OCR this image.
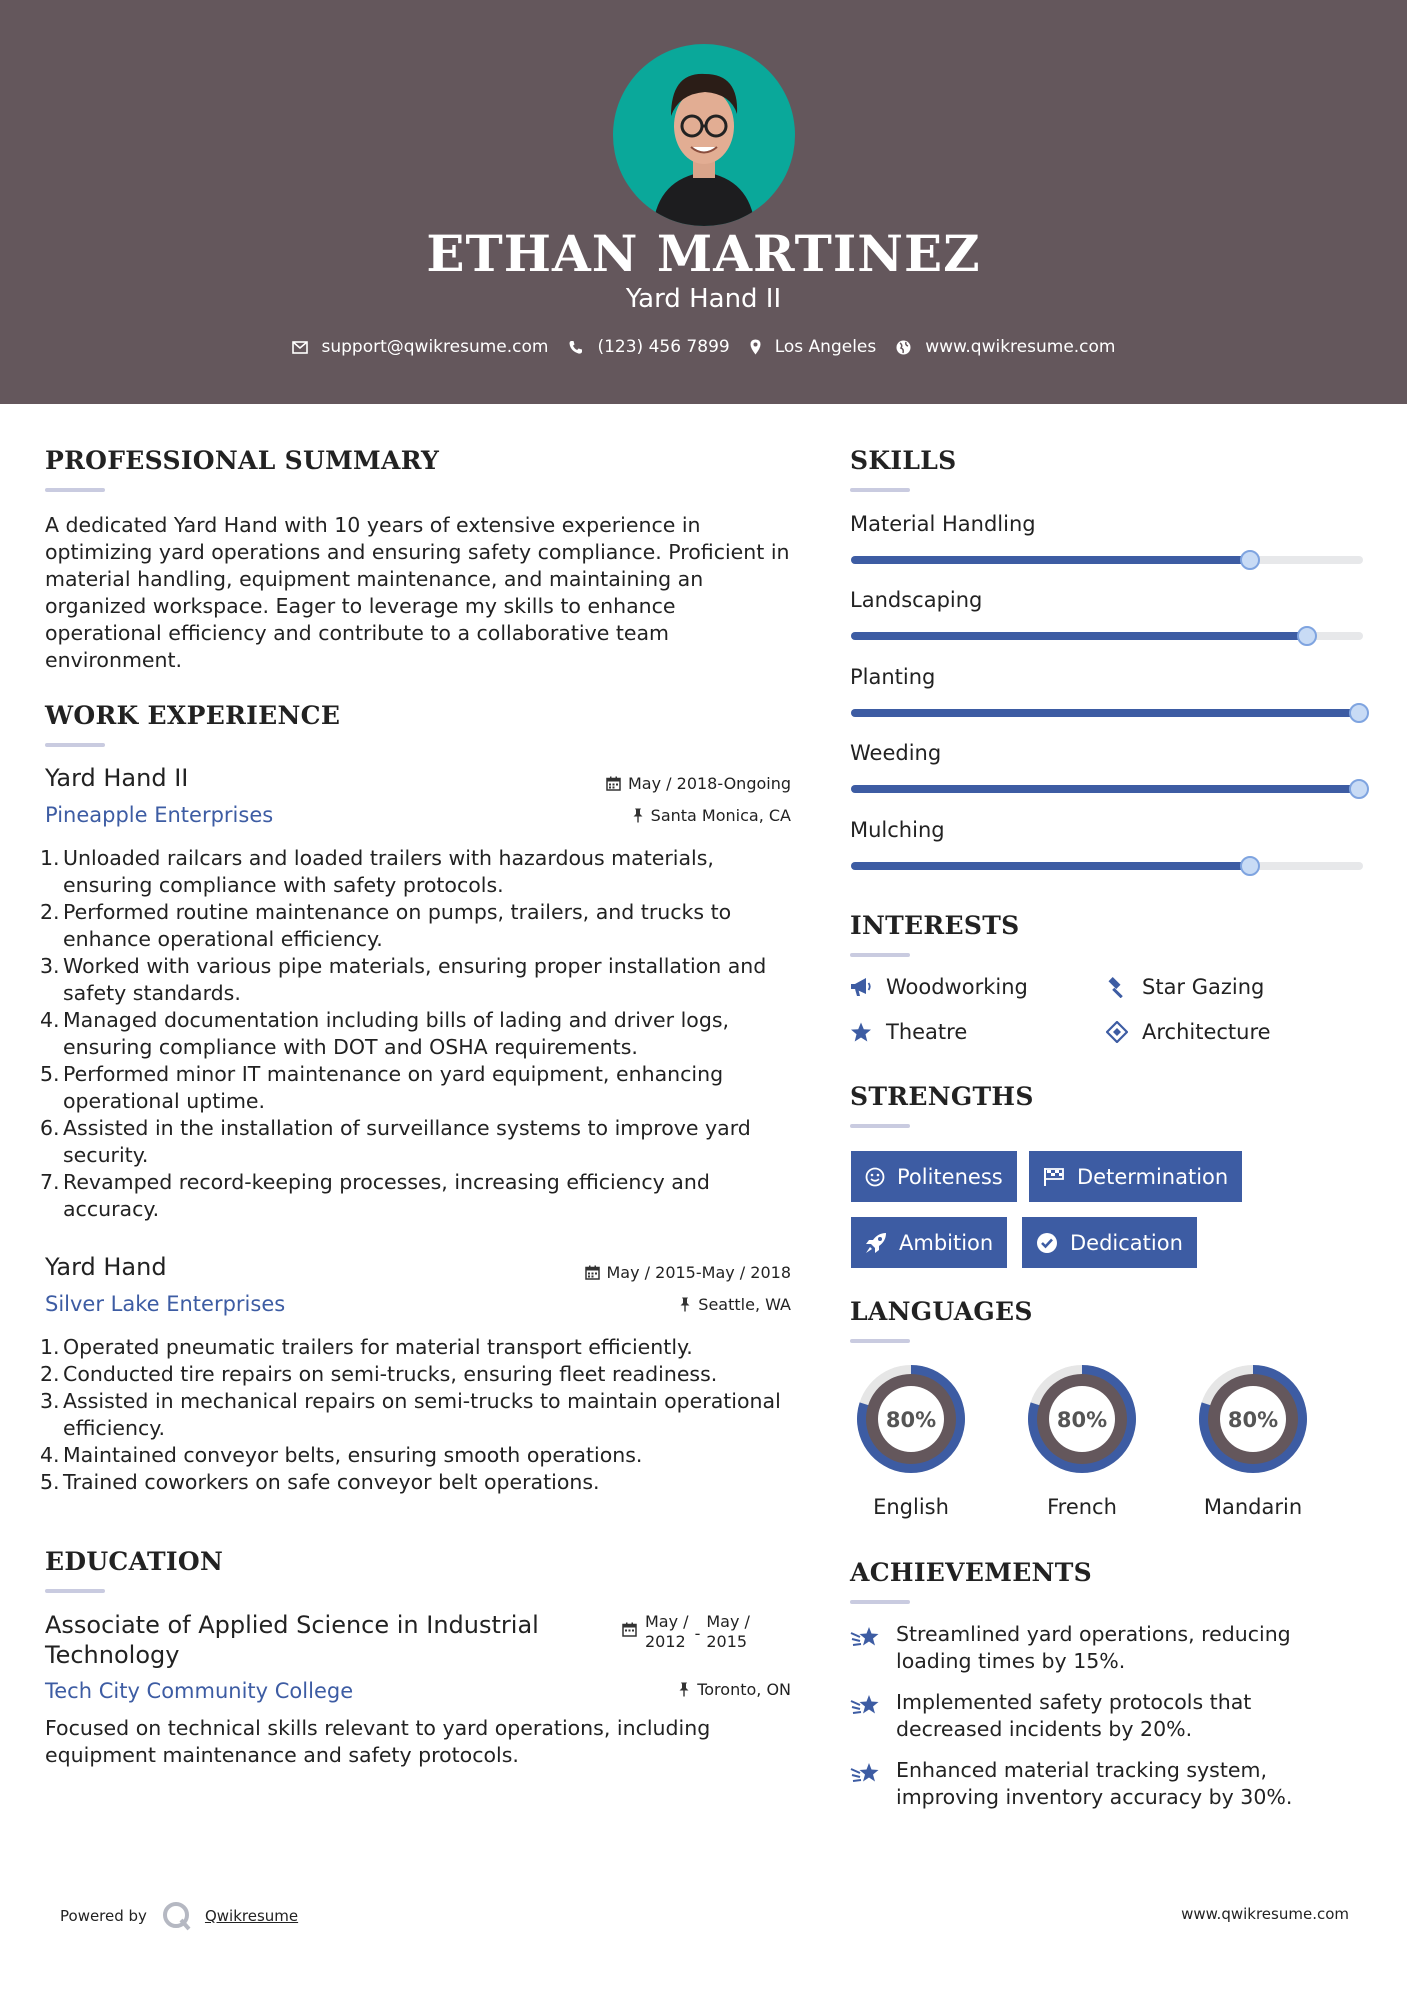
ETHAN MARTINEZ
Yard Hand II
support@qwikresume.com	(123) 456 7899	Los Angeles	www.qwikresume.com
PROFESSIONAL SUMMARY
A dedicated Yard Hand with 10 years of extensive experience in optimizing yard operations and ensuring safety compliance. Proficient in material handling, equipment maintenance, and maintaining an organized workspace. Eager to leverage my skills to enhance operational efficiency and contribute to a collaborative team environment.
WORK EXPERIENCE
Yard Hand II
Pineapple Enterprises
May / 2018-Ongoing
Santa Monica, CA
1. Unloaded railcars and loaded trailers with hazardous materials, ensuring compliance with safety protocols.
2. Performed routine maintenance on pumps, trailers, and trucks to enhance operational efficiency.
3. Worked with various pipe materials, ensuring proper installation and safety standards.
4. Managed documentation including bills of lading and driver logs, ensuring compliance with DOT and OSHA requirements.
5. Performed minor IT maintenance on yard equipment, enhancing operational uptime.
6. Assisted in the installation of surveillance systems to improve yard security.
7. Revamped record-keeping processes, increasing efficiency and accuracy.
Yard Hand
Silver Lake Enterprises
May / 2015-May / 2018
Seattle, WA
1. Operated pneumatic trailers for material transport efficiently.
2. Conducted tire repairs on semi-trucks, ensuring fleet readiness.
3. Assisted in mechanical repairs on semi-trucks to maintain operational efficiency.
4. Maintained conveyor belts, ensuring smooth operations.
5. Trained coworkers on safe conveyor belt operations.
EDUCATION
Associate of Applied Science in Industrial
Technology
May /
2012 -
May /
2015
Tech City Community College	Toronto, ON
Focused on technical skills relevant to yard operations, including equipment maintenance and safety protocols.
SKILLS
Material Handling
Landscaping
Planting
Weeding
Mulching
INTERESTS
Woodworking	Star Gazing
Theatre	Architecture
STRENGTHS
Politeness	Determination
Ambition	Dedication
LANGUAGES
80%
English
80%
French
80%
Mandarin
ACHIEVEMENTS
Streamlined yard operations, reducing
loading times by 15%.
Implemented safety protocols that
decreased incidents by 20%.
Enhanced material tracking system,
improving inventory accuracy by 30%.
Powered by	Qwikresume	www.qwikresume.com
